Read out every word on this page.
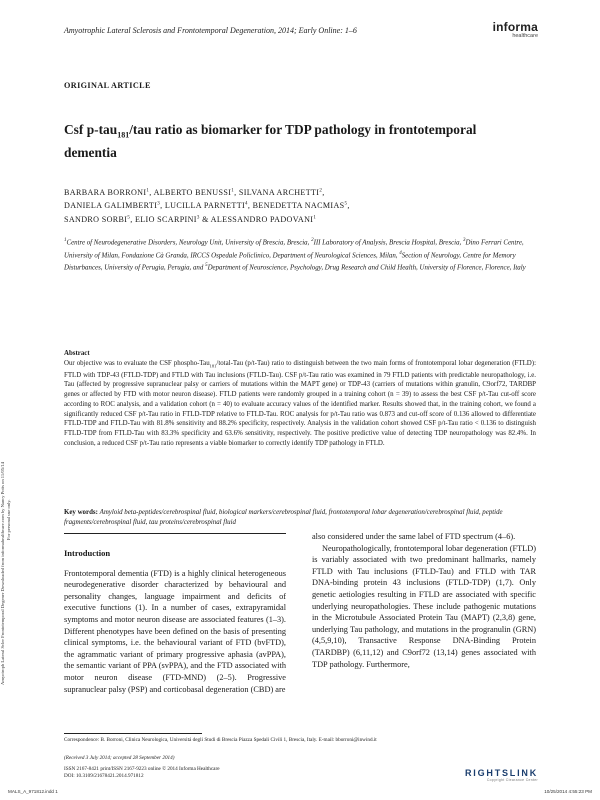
Amyotroph Lateral Scler Frontotemporal Degener Downloaded from informahealthcare.com by Nancy Potts on 11/05/14 For personal use only.
Amyotrophic Lateral Sclerosis and Frontotemporal Degeneration, 2014; Early Online: 1–6	informa
healthcare
ORIGINAL ARTICLE
Csf p-tau$_{181}$/tau ratio as biomarker for TDP pathology in frontotemporal dementia
BARBARA BORRONI$^1$, ALBERTO BENUSSI$^1$, SILVANA ARCHETTI$^2$,
DANIELA GALIMBERTI$^3$, LUCILLA PARNETTI$^4$, BENEDETTA NACMIAS$^5$,
SANDRO SORBI$^5$, ELIO SCARPINI$^3$ & ALESSANDRO PADOVANI$^1$
$^1$Centre of Neurodegenerative Disorders, Neurology Unit, University of Brescia, Brescia, $^2$III Laboratory of Analysis, Brescia Hospital, Brescia, $^3$Dino Ferrari Centre, University of Milan, Fondazione Cà Granda, IRCCS Ospedale Policlinico, Department of Neurological Sciences, Milan, $^4$Section of Neurology, Centre for Memory Disturbances, University of Perugia, Perugia, and $^5$Department of Neuroscience, Psychology, Drug Research and Child Health, University of Florence, Florence, Italy
Abstract
Our objective was to evaluate the CSF phospho-Tau$_{181}$/total-Tau (p/t-Tau) ratio to distinguish between the two main forms of frontotemporal lobar degeneration (FTLD): FTLD with TDP-43 (FTLD-TDP) and FTLD with Tau inclusions (FTLD-Tau). CSF p/t-Tau ratio was examined in 79 FTLD patients with predictable neuropathology, i.e. Tau (affected by progressive supranuclear palsy or carriers of mutations within the MAPT gene) or TDP-43 (carriers of mutations within granulin, C9orf72, TARDBP genes or affected by FTD with motor neuron disease). FTLD patients were randomly grouped in a training cohort (n = 39) to assess the best CSF p/t-Tau cut-off score according to ROC analysis, and a validation cohort (n = 40) to evaluate accuracy values of the identified marker. Results showed that, in the training cohort, we found a significantly reduced CSF p/t-Tau ratio in FTLD-TDP relative to FTLD-Tau. ROC analysis for p/t-Tau ratio was 0.873 and cut-off score of 0.136 allowed to differentiate FTLD-TDP and FTLD-Tau with 81.8% sensitivity and 88.2% specificity, respectively. Analysis in the validation cohort showed CSF p/t-Tau ratio < 0.136 to distinguish FTLD-TDP from FTLD-Tau with 83.3% specificity and 63.6% sensitivity, respectively. The positive predictive value of detecting TDP neuropathology was 82.4%. In conclusion, a reduced CSF p/t-Tau ratio represents a viable biomarker to correctly identify TDP pathology in FTLD.
Key words: Amyloid beta-peptides/cerebrospinal fluid, biological markers/cerebrospinal fluid, frontotemporal lobar degeneration/cerebrospinal fluid, peptide fragments/cerebrospinal fluid, tau proteins/cerebrospinal fluid
Introduction

Frontotemporal dementia (FTD) is a highly clinical heterogeneous neurodegenerative disorder characterized by behavioural and personality changes, language impairment and deficits of executive functions (1). In a number of cases, extrapyramidal symptoms and motor neuron disease are associated features (1–3). Different phenotypes have been defined on the basis of presenting clinical symptoms, i.e. the behavioural variant of FTD (bvFTD), the agrammatic variant of primary progressive aphasia (avPPA), the semantic variant of PPA (svPPA), and the FTD associated with motor neuron disease (FTD-MND) (2–5). Progressive supranuclear palsy (PSP) and corticobasal degeneration (CBD) are

also considered under the same label of FTD spectrum (4–6).

Neuropathologically, frontotemporal lobar degeneration (FTLD) is variably associated with two predominant hallmarks, namely FTLD with Tau inclusions (FTLD-Tau) and FTLD with TAR DNA-binding protein 43 inclusions (FTLD-TDP) (1,7). Only genetic aetiologies resulting in FTLD are associated with specific underlying neuropathologies. These include pathogenic mutations in the Microtubule Associated Protein Tau (MAPT) (2,3,8) gene, underlying Tau pathology, and mutations in the progranulin (GRN) (4,5,9,10), Transactive Response DNA-Binding Protein (TARDBP) (6,11,12) and C9orf72 (13,14) genes associated with TDP pathology. Furthermore,

Correspondence: B. Borroni, Clinica Neurologica, Universitá degli Studi di Brescia Piazza Spedali Civili 1, Brescia, Italy. E-mail: bborroni@inwind.it
(Received 3 July 2014; accepted 28 September 2014)
ISSN 2167-8421 print/ISSN 2167-9223 online © 2014 Informa Healthcare
DOI: 10.3109/21678421.2014.971812	RIGHTSLINK
Copyright Clearance Center
MALS_A_971812.indd 1	10/25/2014 4:55:23 PM
